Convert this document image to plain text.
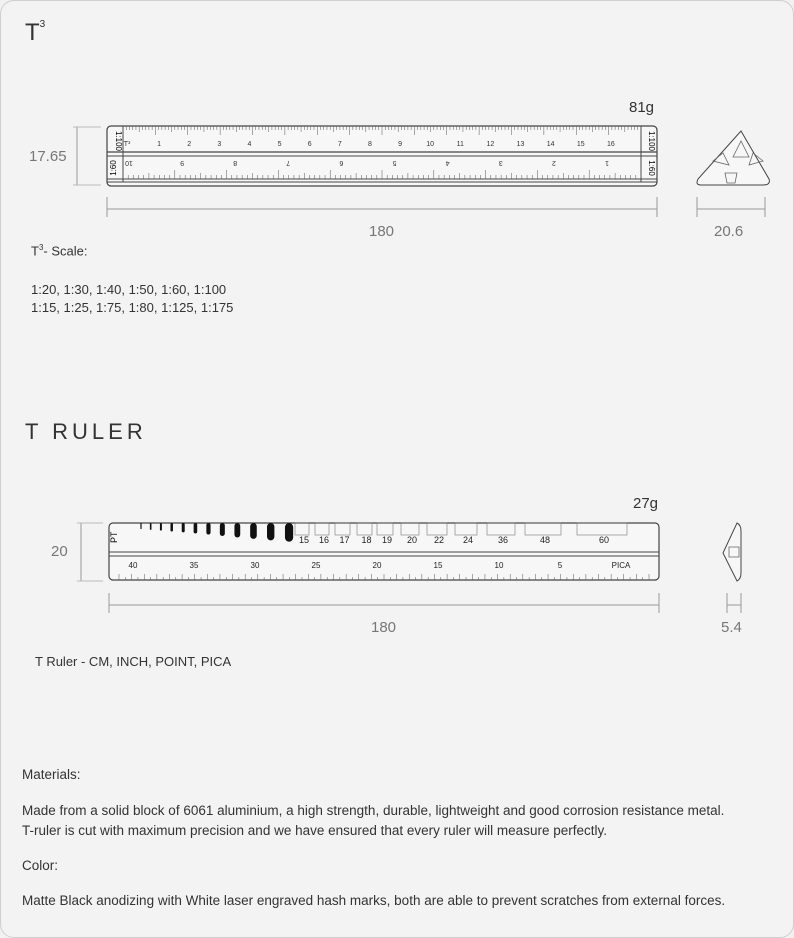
$T^3$
81g
17.65
T³	1	2	3	4	5	6	7	8	9	10	11	12	13	14	15	16
10	9	8	7	6	5	4	3	2	1
1:100	1:100
1:60	1:60
180	20.6
$T^3-$ Scale:
1:20, 1:30, 1:40, 1:50, 1:60, 1:100
1:15, 1:25, 1:75, 1:80, 1:125, 1:175
T RULER
27g
20
PT	15 16 17 18 19 20 22 24	36	48	60
40	35	30	25	20	15	10	5	PICA
180	5.4
T Ruler - CM, INCH, POINT, PICA
Materials:
Made from a solid block of 6061 aluminium, a high strength, durable, lightweight and good corrosion resistance metal.
T-ruler is cut with maximum precision and we have ensured that every ruler will measure perfectly.
Color:
Matte Black anodizing with White laser engraved hash marks, both are able to prevent scratches from external forces.
